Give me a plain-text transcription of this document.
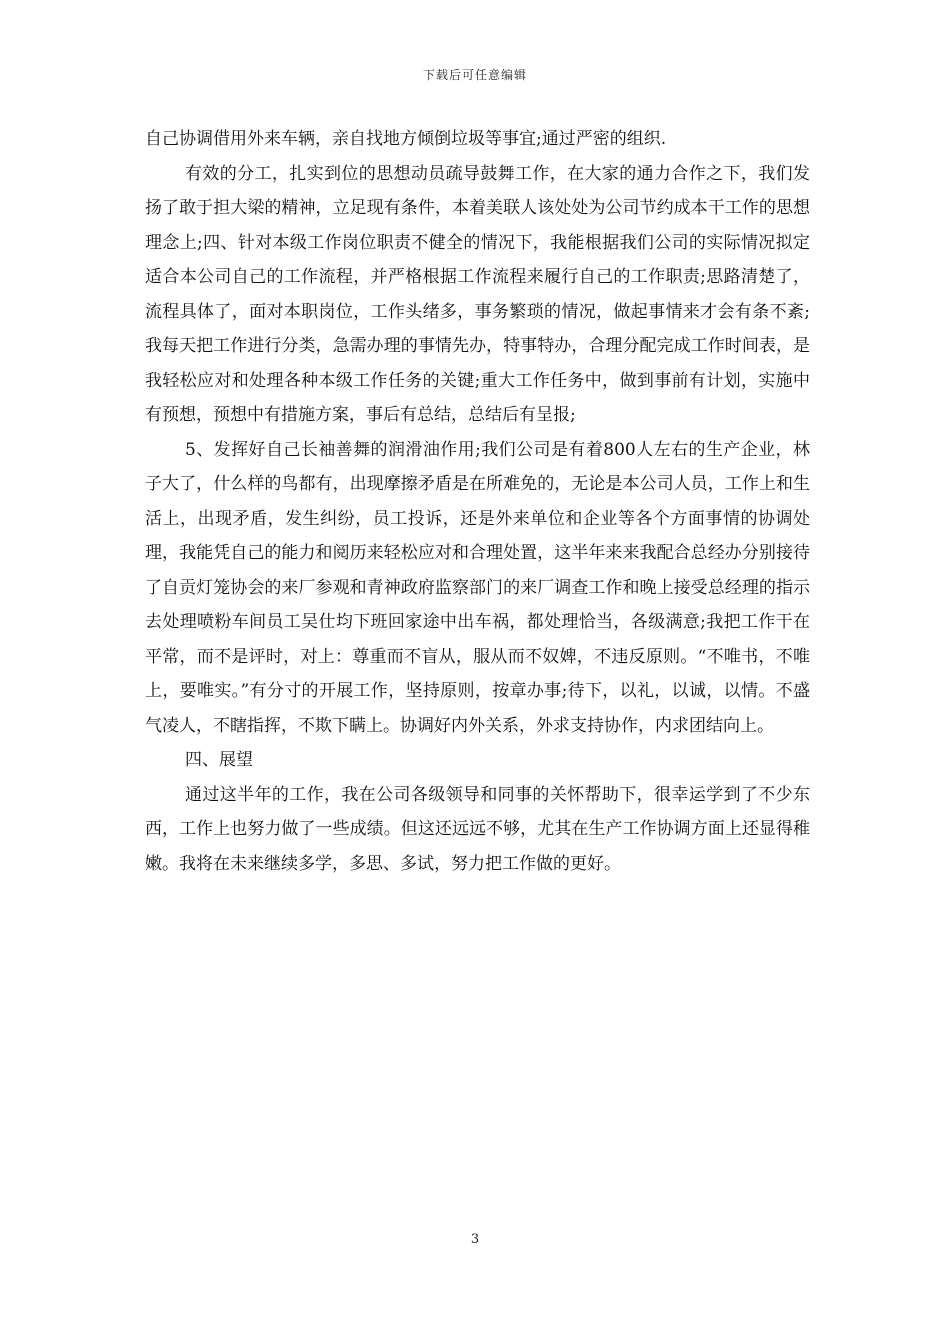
下载后可任意编辑

自己协调借用外来车辆，亲自找地方倾倒垃圾等事宜;通过严密的组织.

有效的分工，扎实到位的思想动员疏导鼓舞工作，在大家的通力合作之下，我们发扬了敢于担大梁的精神，立足现有条件，本着美联人该处处为公司节约成本干工作的思想理念上;四、针对本级工作岗位职责不健全的情况下，我能根据我们公司的实际情况拟定适合本公司自己的工作流程，并严格根据工作流程来履行自己的工作职责;思路清楚了，流程具体了，面对本职岗位，工作头绪多，事务繁琐的情况，做起事情来才会有条不紊;我每天把工作进行分类，急需办理的事情先办，特事特办，合理分配完成工作时间表，是我轻松应对和处理各种本级工作任务的关键;重大工作任务中，做到事前有计划，实施中有预想，预想中有措施方案，事后有总结，总结后有呈报;

5、发挥好自己长袖善舞的润滑油作用;我们公司是有着800人左右的生产企业，林子大了，什么样的鸟都有，出现摩擦矛盾是在所难免的，无论是本公司人员，工作上和生活上，出现矛盾，发生纠纷，员工投诉，还是外来单位和企业等各个方面事情的协调处理，我能凭自己的能力和阅历来轻松应对和合理处置，这半年来来我配合总经办分别接待了自贡灯笼协会的来厂参观和青神政府监察部门的来厂调查工作和晚上接受总经理的指示去处理喷粉车间员工吴仕均下班回家途中出车祸，都处理恰当，各级满意;我把工作干在平常，而不是评时，对上：尊重而不盲从，服从而不奴婢，不违反原则。“不唯书，不唯上，要唯实。”有分寸的开展工作，坚持原则，按章办事;待下，以礼，以诚，以情。不盛气凌人，不瞎指挥，不欺下瞒上。协调好内外关系，外求支持协作，内求团结向上。

四、展望

通过这半年的工作，我在公司各级领导和同事的关怀帮助下，很幸运学到了不少东西，工作上也努力做了一些成绩。但这还远远不够，尤其在生产工作协调方面上还显得稚嫩。我将在未来继续多学，多思、多试，努力把工作做的更好。

3
